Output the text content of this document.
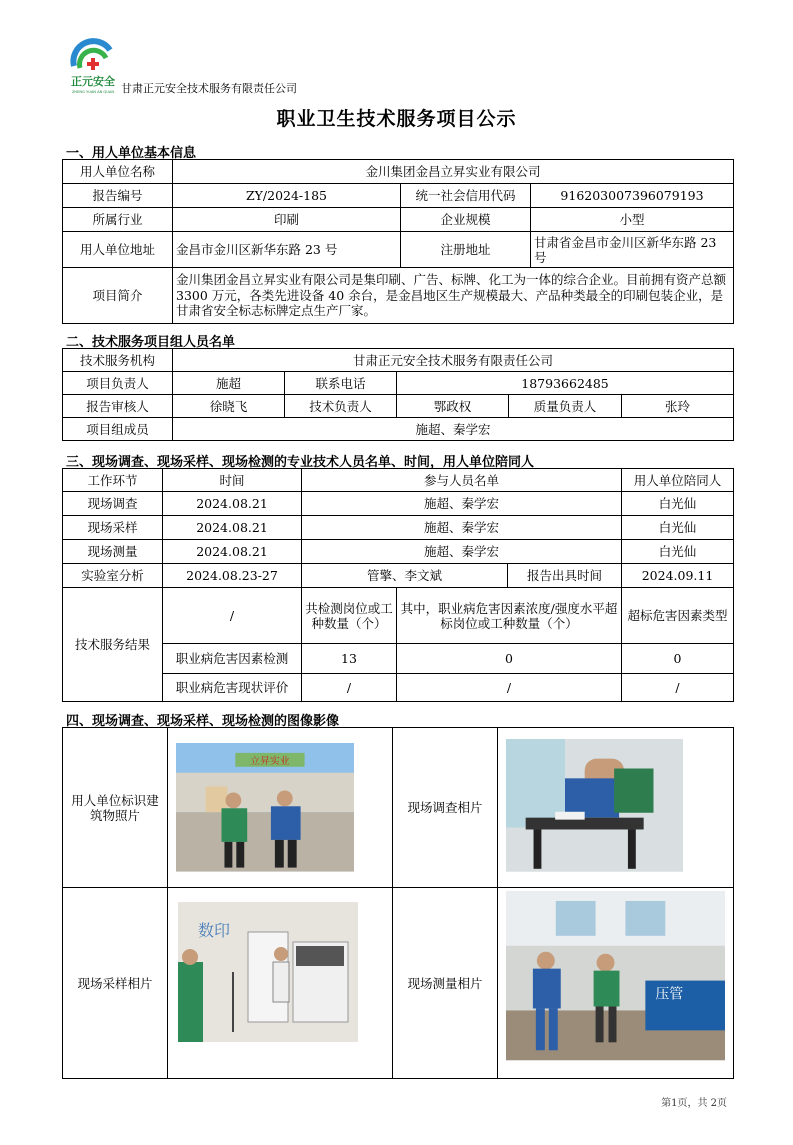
正元安全
ZHENG YUAN AN QUAN 甘肃正元安全技术服务有限责任公司
职业卫生技术服务项目公示
一、用人单位基本信息
用人单位名称	金川集团金昌立昇实业有限公司		
报告编号	ZY/2024-185	统一社会信用代码	916203007396079193
所属行业	印刷	企业规模	小型
用人单位地址	金昌市金川区新华东路 23 号	注册地址	甘肃省金昌市金川区新华东路 23 号
项目简介	金川集团金昌立昇实业有限公司是集印刷、广告、标牌、化工为一体的综合企业。目前拥有资产总额 3300 万元，各类先进设备 40 余台，是金昌地区生产规模最大、产品种类最全的印刷包装企业，是甘肃省安全标志标牌定点生产厂家。		
二、技术服务项目组人员名单
技术服务机构	甘肃正元安全技术服务有限责任公司				
项目负责人	施超	联系电话	18793662485		
报告审核人	徐晓飞	技术负责人	鄂政权	质量负责人	张玲
项目组成员	施超、秦学宏				
三、现场调查、现场采样、现场检测的专业技术人员名单、时间，用人单位陪同人
工作环节	时间	参与人员名单			用人单位陪同人
现场调查	2024.08.21	施超、秦学宏			白光仙
现场采样	2024.08.21	施超、秦学宏			白光仙
现场测量	2024.08.21	施超、秦学宏			白光仙
实验室分析	2024.08.23-27	管擎、李文斌		报告出具时间	2024.09.11
技术服务结果	/	共检测岗位或工种数量（个）	其中，职业病危害因素浓度/强度水平超标岗位或工种数量（个）		超标危害因素类型
	职业病危害因素检测	13	0		0
	职业病危害现状评价	/	/		/
四、现场调查、现场采样、现场检测的图像影像
用人单位标识建筑物照片	立昇实业	现场调查相片	

现场采样相片	数印	现场测量相片	压管
第1页，共 2页
